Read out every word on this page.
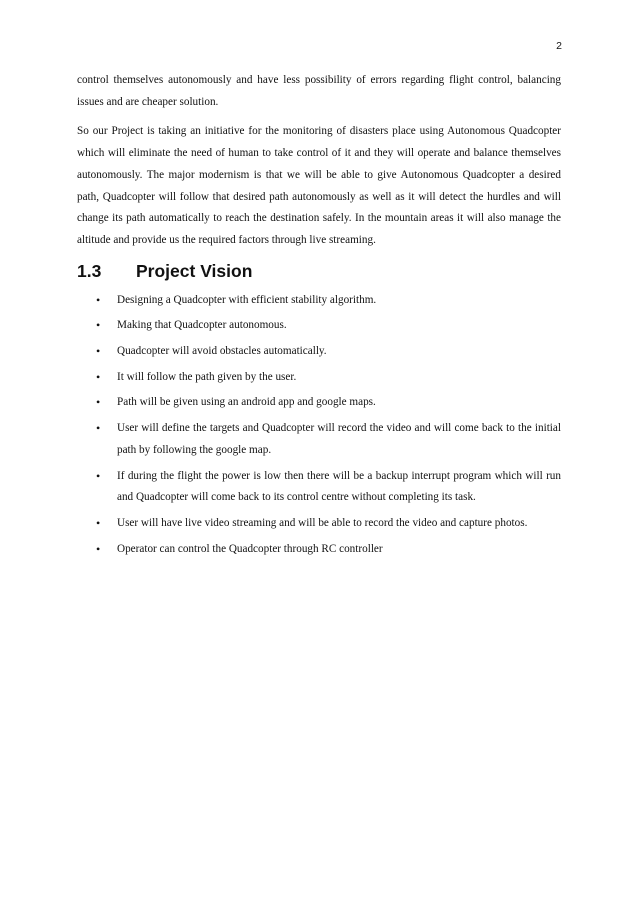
2

control themselves autonomously and have less possibility of errors regarding flight control, balancing issues and are cheaper solution.

So our Project is taking an initiative for the monitoring of disasters place using Autonomous Quadcopter which will eliminate the need of human to take control of it and they will operate and balance themselves autonomously. The major modernism is that we will be able to give Autonomous Quadcopter a desired path, Quadcopter will follow that desired path autonomously as well as it will detect the hurdles and will change its path automatically to reach the destination safely. In the mountain areas it will also manage the altitude and provide us the required factors through live streaming.

1.3 Project Vision
• Designing a Quadcopter with efficient stability algorithm.
• Making that Quadcopter autonomous.
• Quadcopter will avoid obstacles automatically.
• It will follow the path given by the user.
• Path will be given using an android app and google maps.
• User will define the targets and Quadcopter will record the video and will come back to the initial path by following the google map.
• If during the flight the power is low then there will be a backup interrupt program which will run and Quadcopter will come back to its control centre without completing its task.
• User will have live video streaming and will be able to record the video and capture photos.
• Operator can control the Quadcopter through RC controller
